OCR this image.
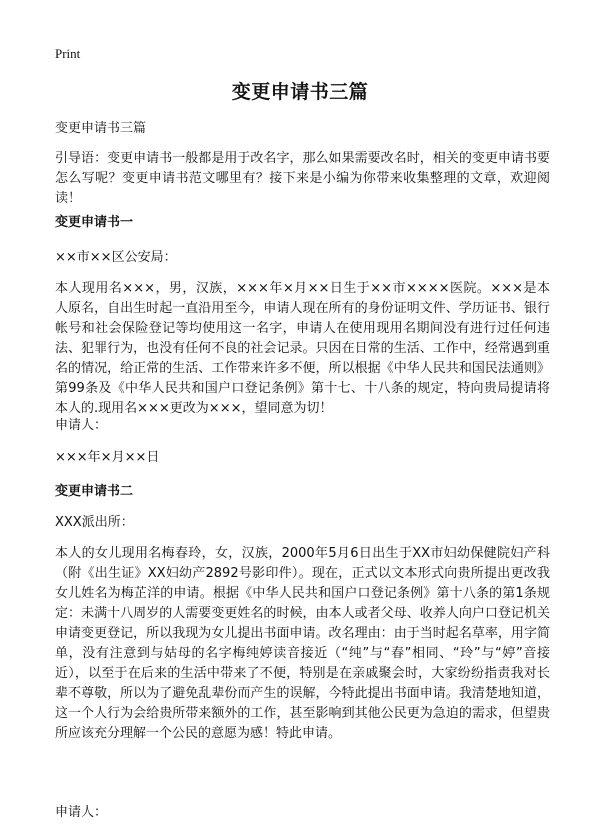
Print
变更申请书三篇
变更申请书三篇
引导语：变更申请书一般都是用于改名字，那么如果需要改名时，相关的变更申请书要怎么写呢？变更申请书范文哪里有？接下来是小编为你带来收集整理的文章，欢迎阅读！
变更申请书一
××市××区公安局：
本人现用名×××，男，汉族，×××年×月××日生于××市××××医院。×××是本人原名，自出生时起一直沿用至今，申请人现在所有的身份证明文件、学历证书、银行帐号和社会保险登记等均使用这一名字，申请人在使用现用名期间没有进行过任何违法、犯罪行为，也没有任何不良的社会记录。只因在日常的生活、工作中，经常遇到重名的情况，给正常的生活、工作带来许多不便，所以根据《中华人民共和国民法通则》第99条及《中华人民共和国户口登记条例》第十七、十八条的规定，特向贵局提请将本人的.现用名×××更改为×××，望同意为切！
申请人：
×××年×月××日
变更申请书二
XXX派出所：
本人的女儿现用名梅春玲，女，汉族，2000年5月6日出生于XX市妇幼保健院妇产科（附《出生证》XX妇幼产2892号影印件）。现在，正式以文本形式向贵所提出更改我女儿姓名为梅芷洋的申请。根据《中华人民共和国户口登记条例》第十八条的第1条规定：未满十八周岁的人需要变更姓名的时候，由本人或者父母、收养人向户口登记机关申请变更登记，所以我现为女儿提出书面申请。改名理由：由于当时起名草率，用字简单，没有注意到与姑母的名字梅纯婷读音接近（“纯”与“春”相同、“玲”与“婷”音接近），以至于在后来的生活中带来了不便，特别是在亲戚聚会时，大家纷纷指责我对长辈不尊敬，所以为了避免乱辈份而产生的误解，今特此提出书面申请。我清楚地知道，这一个人行为会给贵所带来额外的工作，甚至影响到其他公民更为急迫的需求，但望贵所应该充分理解一个公民的意愿为感！特此申请。
申请人：
